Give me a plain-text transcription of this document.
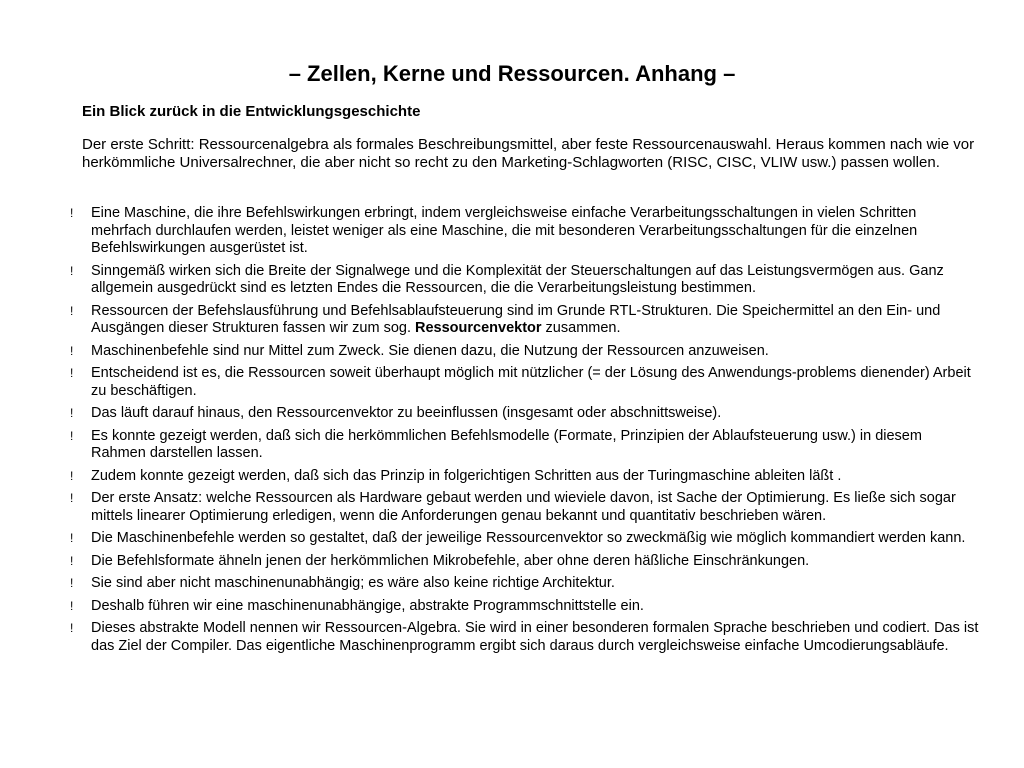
– Zellen, Kerne und Ressourcen. Anhang –
Ein Blick zurück in die Entwicklungsgeschichte

Der erste Schritt: Ressourcenalgebra als formales Beschreibungsmittel, aber feste Ressourcenauswahl. Heraus kommen nach wie vor herkömmliche Universalrechner, die aber nicht so recht zu den Marketing-Schlagworten (RISC, CISC, VLIW usw.) passen wollen.

!	Eine Maschine, die ihre Befehlswirkungen erbringt, indem vergleichsweise einfache Verarbeitungsschaltungen in vielen Schritten mehrfach durchlaufen werden, leistet weniger als eine Maschine, die mit besonderen Verarbeitungsschaltungen für die einzelnen Befehlswirkungen ausgerüstet ist.
!	Sinngemäß wirken sich die Breite der Signalwege und die Komplexität der Steuerschaltungen auf das Leistungsvermögen aus. Ganz allgemein ausgedrückt sind es letzten Endes die Ressourcen, die die Verarbeitungsleistung bestimmen.
!	Ressourcen der Befehslausführung und Befehlsablaufsteuerung sind im Grunde RTL-Strukturen. Die Speichermittel an den Ein- und Ausgängen dieser Strukturen fassen wir zum sog. Ressourcenvektor zusammen.
!	Maschinenbefehle sind nur Mittel zum Zweck. Sie dienen dazu, die Nutzung der Ressourcen anzuweisen.
!	Entscheidend ist es, die Ressourcen soweit überhaupt möglich mit nützlicher (= der Lösung des Anwendungs-problems dienender) Arbeit zu beschäftigen.
!	Das läuft darauf hinaus, den Ressourcenvektor zu beeinflussen (insgesamt oder abschnittsweise).
!	Es konnte gezeigt werden, daß sich die herkömmlichen Befehlsmodelle (Formate, Prinzipien der Ablaufsteuerung usw.) in diesem Rahmen darstellen lassen.
!	Zudem konnte gezeigt werden, daß sich das Prinzip in folgerichtigen Schritten aus der Turingmaschine ableiten läßt .
!	Der erste Ansatz: welche Ressourcen als Hardware gebaut werden und wieviele davon, ist Sache der Optimierung. Es ließe sich sogar mittels linearer Optimierung erledigen, wenn die Anforderungen genau bekannt und quantitativ beschrieben wären.
!	Die Maschinenbefehle werden so gestaltet, daß der jeweilige Ressourcenvektor so zweckmäßig wie möglich kommandiert werden kann.
!	Die Befehlsformate ähneln jenen der herkömmlichen Mikrobefehle, aber ohne deren häßliche Einschränkungen.
!	Sie sind aber nicht maschinenunabhängig; es wäre also keine richtige Architektur.
!	Deshalb führen wir eine maschinenunabhängige, abstrakte Programmschnittstelle ein.
!	Dieses abstrakte Modell nennen wir Ressourcen-Algebra. Sie wird in einer besonderen formalen Sprache beschrieben und codiert. Das ist das Ziel der Compiler. Das eigentliche Maschinenprogramm ergibt sich daraus durch vergleichsweise einfache Umcodierungsabläufe.
